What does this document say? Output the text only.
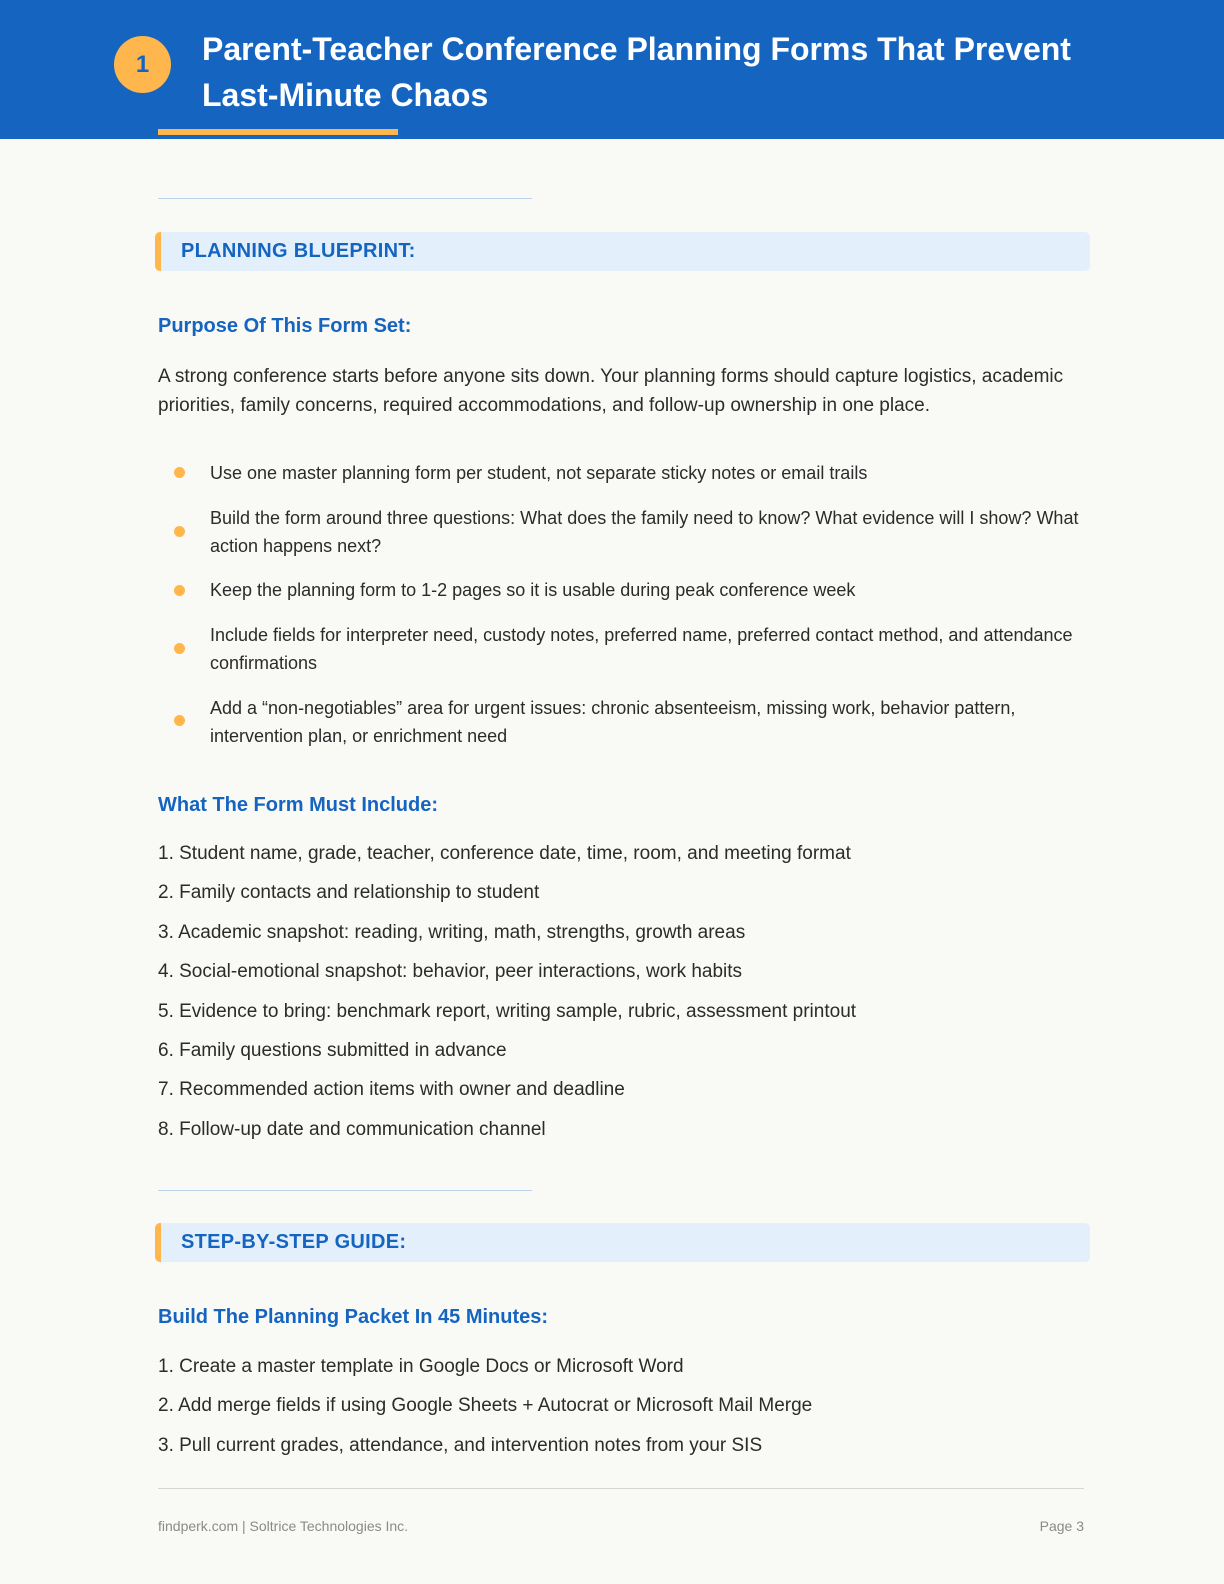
1	Parent-Teacher Conference Planning Forms That Prevent Last-Minute Chaos
PLANNING BLUEPRINT:
Purpose Of This Form Set:
A strong conference starts before anyone sits down. Your planning forms should capture logistics, academic priorities, family concerns, required accommodations, and follow-up ownership in one place.
Use one master planning form per student, not separate sticky notes or email trails
Build the form around three questions: What does the family need to know? What evidence will I show? What action happens next?
Keep the planning form to 1-2 pages so it is usable during peak conference week
Include fields for interpreter need, custody notes, preferred name, preferred contact method, and attendance confirmations
Add a “non-negotiables” area for urgent issues: chronic absenteeism, missing work, behavior pattern, intervention plan, or enrichment need
What The Form Must Include:
1. Student name, grade, teacher, conference date, time, room, and meeting format
2. Family contacts and relationship to student
3. Academic snapshot: reading, writing, math, strengths, growth areas
4. Social-emotional snapshot: behavior, peer interactions, work habits
5. Evidence to bring: benchmark report, writing sample, rubric, assessment printout
6. Family questions submitted in advance
7. Recommended action items with owner and deadline
8. Follow-up date and communication channel
STEP-BY-STEP GUIDE:
Build The Planning Packet In 45 Minutes:
1. Create a master template in Google Docs or Microsoft Word
2. Add merge fields if using Google Sheets + Autocrat or Microsoft Mail Merge
3. Pull current grades, attendance, and intervention notes from your SIS
findperk.com | Soltrice Technologies Inc.	Page 3
